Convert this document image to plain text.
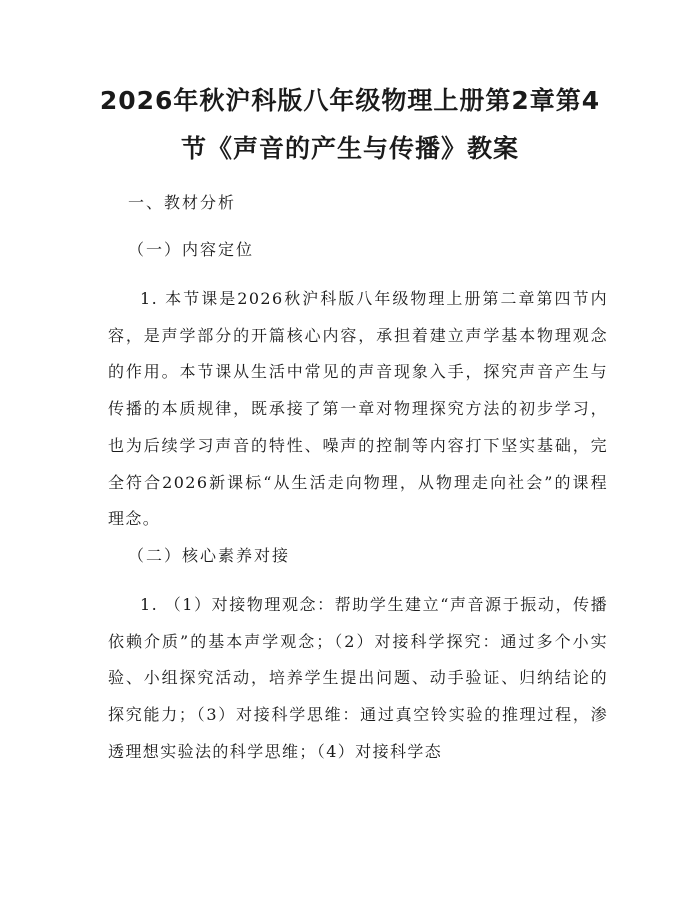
2026年秋沪科版八年级物理上册第2章第4
节《声音的产生与传播》教案
一、教材分析
（一）内容定位

1. 本节课是2026秋沪科版八年级物理上册第二章第四节内容，是声学部分的开篇核心内容，承担着建立声学基本物理观念的作用。本节课从生活中常见的声音现象入手，探究声音产生与传播的本质规律，既承接了第一章对物理探究方法的初步学习，也为后续学习声音的特性、噪声的控制等内容打下坚实基础，完全符合2026新课标“从生活走向物理，从物理走向社会”的课程理念。

（二）核心素养对接

1. （1）对接物理观念：帮助学生建立“声音源于振动，传播依赖介质”的基本声学观念；（2）对接科学探究：通过多个小实验、小组探究活动，培养学生提出问题、动手验证、归纳结论的探究能力；（3）对接科学思维：通过真空铃实验的推理过程，渗透理想实验法的科学思维；（4）对接科学态
